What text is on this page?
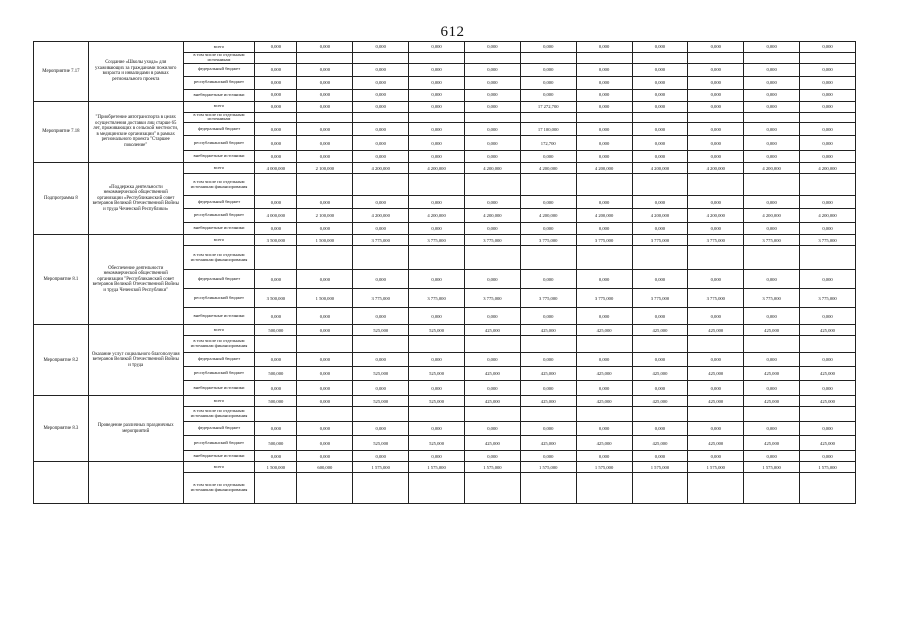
612
Мероприятие 7.17	Создание «Школы ухода» для ухаживающих за гражданами пожилого возраста и инвалидами в рамках регионального проекта	всего	0,000	0,000	0,000	0,000	0,000	0,000	0,000	0,000	0,000	0,000	0,000
		в том числе по отдельным источникам											
		федеральный бюджет	0,000	0,000	0,000	0,000	0,000	0,000	0,000	0,000	0,000	0,000	0,000
		республиканский бюджет	0,000	0,000	0,000	0,000	0,000	0,000	0,000	0,000	0,000	0,000	0,000
		внебюджетные источники	0,000	0,000	0,000	0,000	0,000	0,000	0,000	0,000	0,000	0,000	0,000
Мероприятие 7.18	"Приобретение автотранспорта в целях осуществления доставки лиц старше 65 лет, проживающих в сельской местности, в медицинские организации" в рамках регионального проекта "Старшее поколение"	всего	0,000	0,000	0,000	0,000	0,000	17 272,700	0,000	0,000	0,000	0,000	0,000
		в том числе по отдельным источникам											
		федеральный бюджет	0,000	0,000	0,000	0,000	0,000	17 100,000	0,000	0,000	0,000	0,000	0,000
		республиканский бюджет	0,000	0,000	0,000	0,000	0,000	172,700	0,000	0,000	0,000	0,000	0,000
		внебюджетные источники	0,000	0,000	0,000	0,000	0,000	0,000	0,000	0,000	0,000	0,000	0,000
Подпрограмма 8	«Поддержка деятельности некоммерческой общественной организации «Республиканский совет ветеранов Великой Отечественной Войны и труда Чеченской Республики»	всего	4 000,000	2 100,000	4 200,000	4 200,000	4 200,000	4 200,000	4 200,000	4 200,000	4 200,000	4 200,000	4 200,000
		в том числе по отдельным источникам финансирования											
		федеральный бюджет	0,000	0,000	0,000	0,000	0,000	0,000	0,000	0,000	0,000	0,000	0,000
		республиканский бюджет	4 000,000	2 100,000	4 200,000	4 200,000	4 200,000	4 200,000	4 200,000	4 200,000	4 200,000	4 200,000	4 200,000
		внебюджетные источники	0,000	0,000	0,000	0,000	0,000	0,000	0,000	0,000	0,000	0,000	0,000
Мероприятие 8.1	Обеспечение деятельности некоммерческой общественной организации "Республиканский совет ветеранов Великой Отечественной Войны и труда Чеченской Республики"	всего	3 500,000	1 500,000	3 775,000	3 775,000	3 775,000	3 775,000	3 775,000	3 775,000	3 775,000	3 775,000	3 775,000
		в том числе по отдельным источникам финансирования											
		федеральный бюджет	0,000	0,000	0,000	0,000	0,000	0,000	0,000	0,000	0,000	0,000	0,000
		республиканский бюджет	3 500,000	1 500,000	3 775,000	3 775,000	3 775,000	3 775,000	3 775,000	3 775,000	3 775,000	3 775,000	3 775,000
		внебюджетные источники	0,000	0,000	0,000	0,000	0,000	0,000	0,000	0,000	0,000	0,000	0,000
Мероприятие 8.2	Оказание услуг социального благополучия ветеранов Великой Отечественной Войны и труда	всего	500,000	0,000	525,000	525,000	425,000	425,000	425,000	425,000	425,000	425,000	425,000
		в том числе по отдельным источникам финансирования											
		федеральный бюджет	0,000	0,000	0,000	0,000	0,000	0,000	0,000	0,000	0,000	0,000	0,000
		республиканский бюджет	500,000	0,000	525,000	525,000	425,000	425,000	425,000	425,000	425,000	425,000	425,000
		внебюджетные источники	0,000	0,000	0,000	0,000	0,000	0,000	0,000	0,000	0,000	0,000	0,000
Мероприятие 8.3	Проведение различных праздничных мероприятий	всего	500,000	0,000	525,000	525,000	425,000	425,000	425,000	425,000	425,000	425,000	425,000
		в том числе по отдельным источникам финансирования											
		федеральный бюджет	0,000	0,000	0,000	0,000	0,000	0,000	0,000	0,000	0,000	0,000	0,000
		республиканский бюджет	500,000	0,000	525,000	525,000	425,000	425,000	425,000	425,000	425,000	425,000	425,000
		внебюджетные источники	0,000	0,000	0,000	0,000	0,000	0,000	0,000	0,000	0,000	0,000	0,000
		всего	1 500,000	600,000	1 575,000	1 575,000	1 575,000	1 575,000	1 575,000	1 575,000	1 575,000	1 575,000	1 575,000
		в том числе по отдельным источникам финансирования											
